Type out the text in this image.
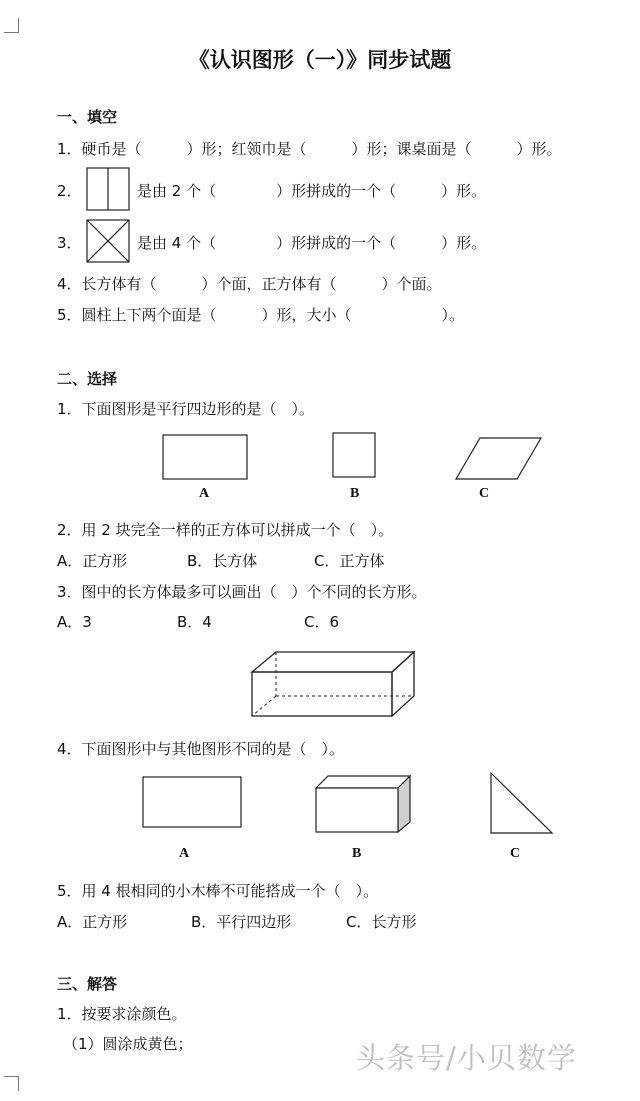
《认识图形（一）》同步试题
一、填空
1．硬币是（　　　）形；红领巾是（　　　）形；课桌面是（　　　）形。
2．	是由 2 个（　　　　）形拼成的一个（　　　）形。
3．	是由 4 个（　　　　）形拼成的一个（　　　）形。
4．长方体有（　　　）个面，正方体有（　　　）个面。
5．圆柱上下两个面是（　　　）形，大小（　　　　　　）。
二、选择
1．下面图形是平行四边形的是（　）。
A	B	C
2．用 2 块完全一样的正方体可以拼成一个（　）。
A．正方形	B．长方体	C．正方体
3．图中的长方体最多可以画出（　）个不同的长方形。
A．3	B．4	C．6
4．下面图形中与其他图形不同的是（　）。
A	B	C
5．用 4 根相同的小木棒不可能搭成一个（　）。
A．正方形	B．平行四边形	C．长方形
三、解答
1．按要求涂颜色。
（1）圆涂成黄色；	头条号/小贝数学
